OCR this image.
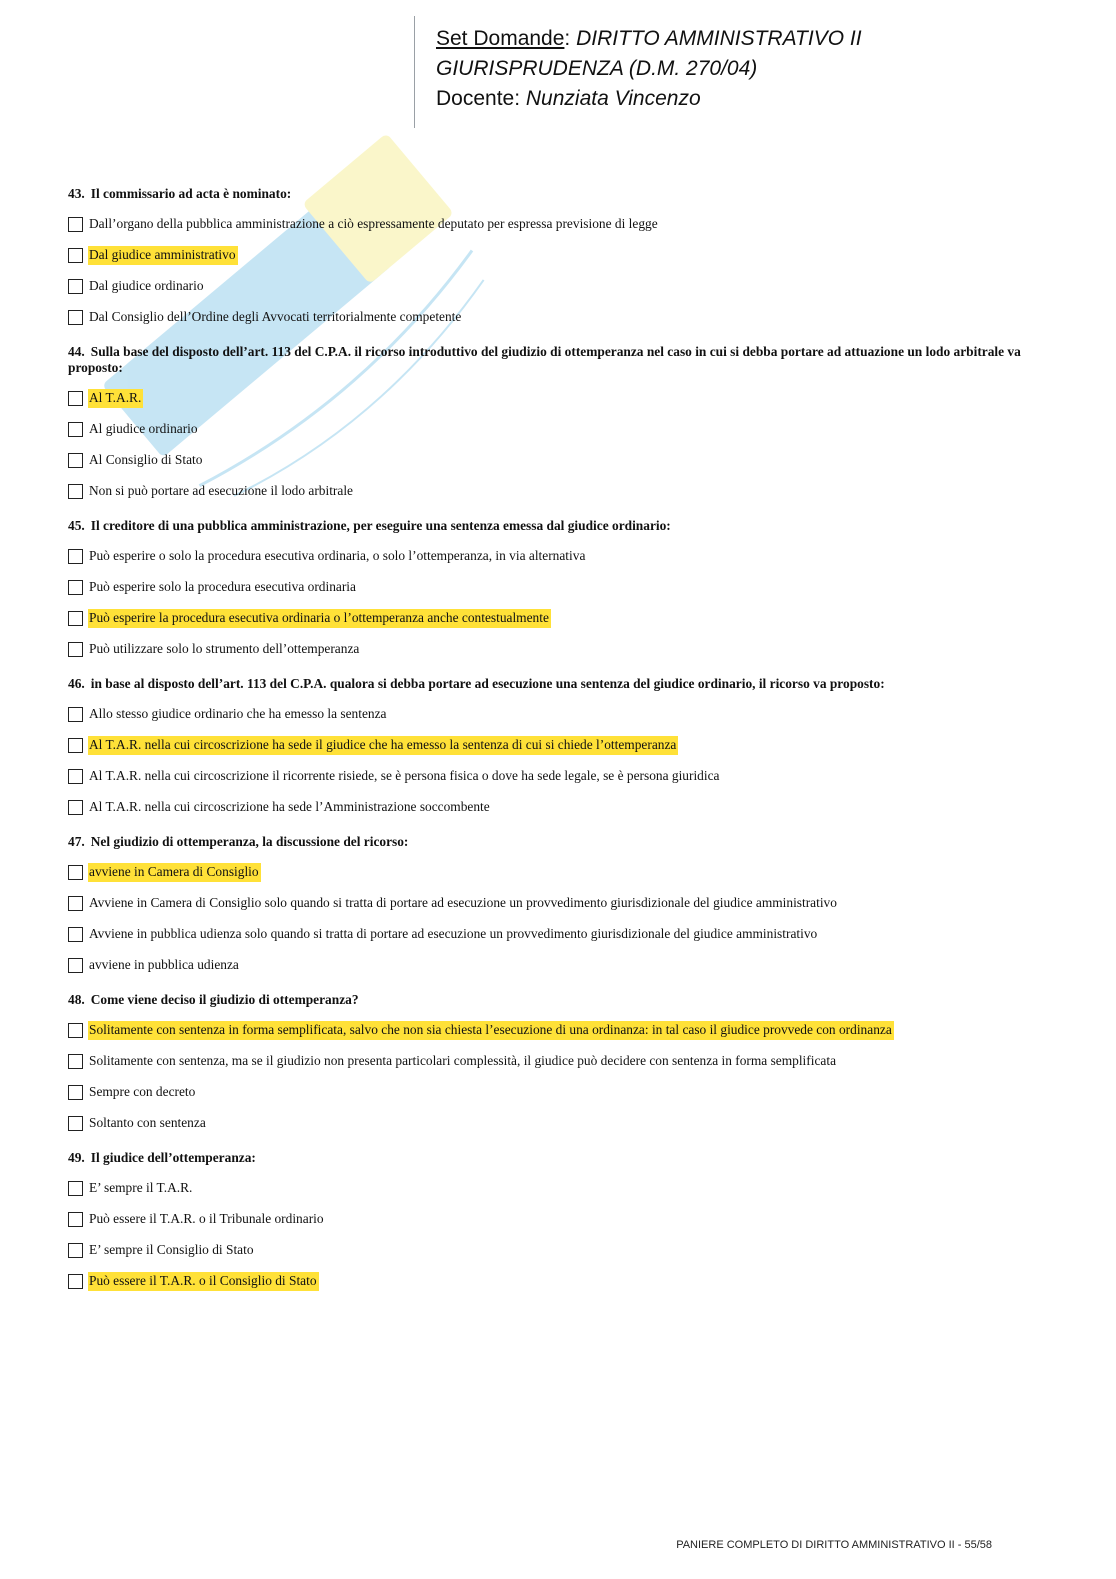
Set Domande: DIRITTO AMMINISTRATIVO II
GIURISPRUDENZA (D.M. 270/04)
Docente: Nunziata Vincenzo
43. Il commissario ad acta è nominato:
Dall’organo della pubblica amministrazione a ciò espressamente deputato per espressa previsione di legge
Dal giudice amministrativo
Dal giudice ordinario
Dal Consiglio dell’Ordine degli Avvocati territorialmente competente
44. Sulla base del disposto dell’art. 113 del C.P.A. il ricorso introduttivo del giudizio di ottemperanza nel caso in cui si debba portare ad attuazione un lodo arbitrale va proposto:
Al T.A.R.
Al giudice ordinario
Al Consiglio di Stato
Non si può portare ad esecuzione il lodo arbitrale
45. Il creditore di una pubblica amministrazione, per eseguire una sentenza emessa dal giudice ordinario:
Può esperire o solo la procedura esecutiva ordinaria, o solo l’ottemperanza, in via alternativa
Può esperire solo la procedura esecutiva ordinaria
Può esperire la procedura esecutiva ordinaria o l’ottemperanza anche contestualmente
Può utilizzare solo lo strumento dell’ottemperanza
46. in base al disposto dell’art. 113 del C.P.A. qualora si debba portare ad esecuzione una sentenza del giudice ordinario, il ricorso va proposto:
Allo stesso giudice ordinario che ha emesso la sentenza
Al T.A.R. nella cui circoscrizione ha sede il giudice che ha emesso la sentenza di cui si chiede l’ottemperanza
Al T.A.R. nella cui circoscrizione il ricorrente risiede, se è persona fisica o dove ha sede legale, se è persona giuridica
Al T.A.R. nella cui circoscrizione ha sede l’Amministrazione soccombente
47. Nel giudizio di ottemperanza, la discussione del ricorso:
avviene in Camera di Consiglio
Avviene in Camera di Consiglio solo quando si tratta di portare ad esecuzione un provvedimento giurisdizionale del giudice amministrativo
Avviene in pubblica udienza solo quando si tratta di portare ad esecuzione un provvedimento giurisdizionale del giudice amministrativo
avviene in pubblica udienza
48. Come viene deciso il giudizio di ottemperanza?
Solitamente con sentenza in forma semplificata, salvo che non sia chiesta l’esecuzione di una ordinanza: in tal caso il giudice provvede con ordinanza
Solitamente con sentenza, ma se il giudizio non presenta particolari complessità, il giudice può decidere con sentenza in forma semplificata
Sempre con decreto
Soltanto con sentenza
49. Il giudice dell’ottemperanza:
E’ sempre il T.A.R.
Può essere il T.A.R. o il Tribunale ordinario
E’ sempre il Consiglio di Stato
Può essere il T.A.R. o il Consiglio di Stato
PANIERE COMPLETO DI DIRITTO AMMINISTRATIVO II - 55/58
